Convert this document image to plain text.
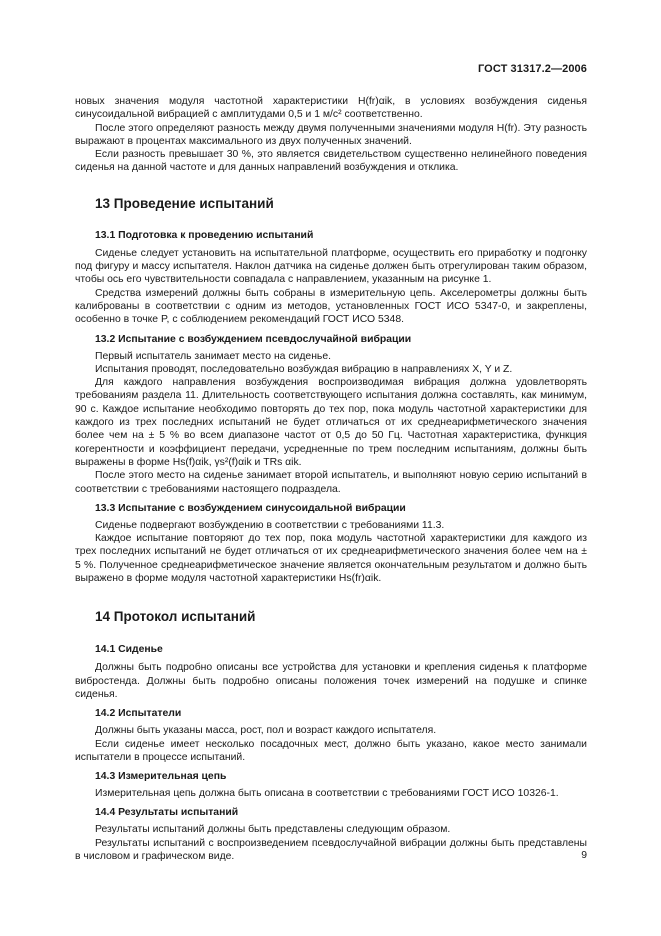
ГОСТ 31317.2—2006

новых значения модуля частотной характеристики H(fr)αik, в условиях возбуждения сиденья синусоидальной вибрацией с амплитудами 0,5 и 1 м/с² соответственно.

После этого определяют разность между двумя полученными значениями модуля H(fr). Эту разность выражают в процентах максимального из двух полученных значений.

Если разность превышает 30 %, это является свидетельством существенно нелинейного поведения сиденья на данной частоте и для данных направлений возбуждения и отклика.

13 Проведение испытаний
13.1 Подготовка к проведению испытаний

Сиденье следует установить на испытательной платформе, осуществить его приработку и подгонку под фигуру и массу испытателя. Наклон датчика на сиденье должен быть отрегулирован таким образом, чтобы ось его чувствительности совпадала с направлением, указанным на рисунке 1.

Средства измерений должны быть собраны в измерительную цепь. Акселерометры должны быть калиброваны в соответствии с одним из методов, установленных ГОСТ ИСО 5347-0, и закреплены, особенно в точке P, с соблюдением рекомендаций ГОСТ ИСО 5348.

13.2 Испытание с возбуждением псевдослучайной вибрации

Первый испытатель занимает место на сиденье.

Испытания проводят, последовательно возбуждая вибрацию в направлениях X, Y и Z.

Для каждого направления возбуждения воспроизводимая вибрация должна удовлетворять требованиям раздела 11. Длительность соответствующего испытания должна составлять, как минимум, 90 с. Каждое испытание необходимо повторять до тех пор, пока модуль частотной характеристики для каждого из трех последних испытаний не будет отличаться от их среднеарифметического значения более чем на ± 5 % во всем диапазоне частот от 0,5 до 50 Гц. Частотная характеристика, функция когерентности и коэффициент передачи, усредненные по трем последним испытаниям, должны быть выражены в форме Hs(f)αik, γs²(f)αik и TRs αik.

После этого место на сиденье занимает второй испытатель, и выполняют новую серию испытаний в соответствии с требованиями настоящего подраздела.

13.3 Испытание с возбуждением синусоидальной вибрации

Сиденье подвергают возбуждению в соответствии с требованиями 11.3.

Каждое испытание повторяют до тех пор, пока модуль частотной характеристики для каждого из трех последних испытаний не будет отличаться от их среднеарифметического значения более чем на ± 5 %. Полученное среднеарифметическое значение является окончательным результатом и должно быть выражено в форме модуля частотной характеристики Hs(fr)αik.

14 Протокол испытаний
14.1 Сиденье

Должны быть подробно описаны все устройства для установки и крепления сиденья к платформе вибростенда. Должны быть подробно описаны положения точек измерений на подушке и спинке сиденья.

14.2 Испытатели

Должны быть указаны масса, рост, пол и возраст каждого испытателя.

Если сиденье имеет несколько посадочных мест, должно быть указано, какое место занимали испытатели в процессе испытаний.

14.3 Измерительная цепь

Измерительная цепь должна быть описана в соответствии с требованиями ГОСТ ИСО 10326-1.

14.4 Результаты испытаний

Результаты испытаний должны быть представлены следующим образом.

Результаты испытаний с воспроизведением псевдослучайной вибрации должны быть представлены в числовом и графическом виде.	9
